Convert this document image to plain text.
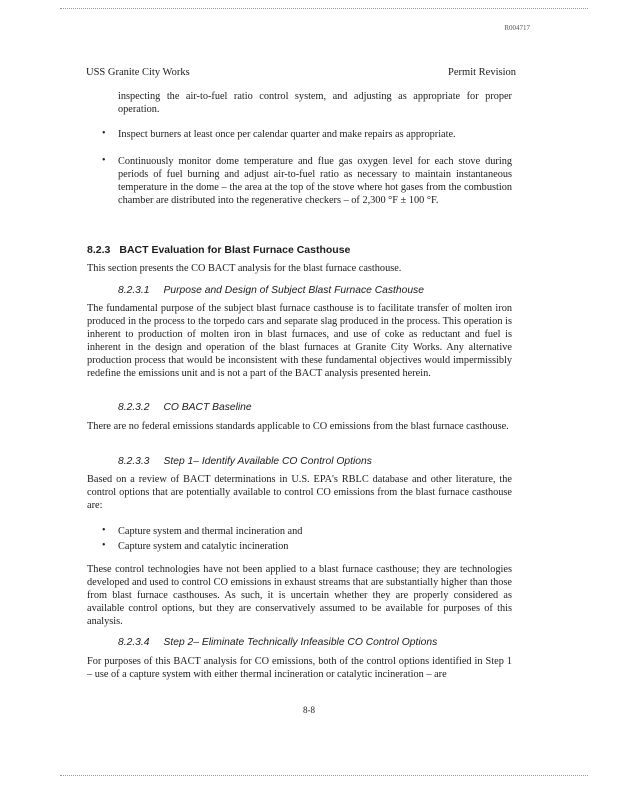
R004717
USS Granite City Works	Permit Revision

inspecting the air-to-fuel ratio control system, and adjusting as appropriate for proper operation.

• Inspect burners at least once per calendar quarter and make repairs as appropriate.

• Continuously monitor dome temperature and flue gas oxygen level for each stove during periods of fuel burning and adjust air-to-fuel ratio as necessary to maintain instantaneous temperature in the dome – the area at the top of the stove where hot gases from the combustion chamber are distributed into the regenerative checkers – of 2,300 °F ± 100 °F.

8.2.3 BACT Evaluation for Blast Furnace Casthouse

This section presents the CO BACT analysis for the blast furnace casthouse.

8.2.3.1 Purpose and Design of Subject Blast Furnace Casthouse

The fundamental purpose of the subject blast furnace casthouse is to facilitate transfer of molten iron produced in the process to the torpedo cars and separate slag produced in the process. This operation is inherent to production of molten iron in blast furnaces, and use of coke as reductant and fuel is inherent in the design and operation of the blast furnaces at Granite City Works. Any alternative production process that would be inconsistent with these fundamental objectives would impermissibly redefine the emissions unit and is not a part of the BACT analysis presented herein.

8.2.3.2 CO BACT Baseline

There are no federal emissions standards applicable to CO emissions from the blast furnace casthouse.

8.2.3.3 Step 1– Identify Available CO Control Options

Based on a review of BACT determinations in U.S. EPA's RBLC database and other literature, the control options that are potentially available to control CO emissions from the blast furnace casthouse are:

• Capture system and thermal incineration and

• Capture system and catalytic incineration

These control technologies have not been applied to a blast furnace casthouse; they are technologies developed and used to control CO emissions in exhaust streams that are substantially higher than those from blast furnace casthouses. As such, it is uncertain whether they are properly considered as available control options, but they are conservatively assumed to be available for purposes of this analysis.

8.2.3.4 Step 2– Eliminate Technically Infeasible CO Control Options

For purposes of this BACT analysis for CO emissions, both of the control options identified in Step 1 – use of a capture system with either thermal incineration or catalytic incineration – are

8-8
